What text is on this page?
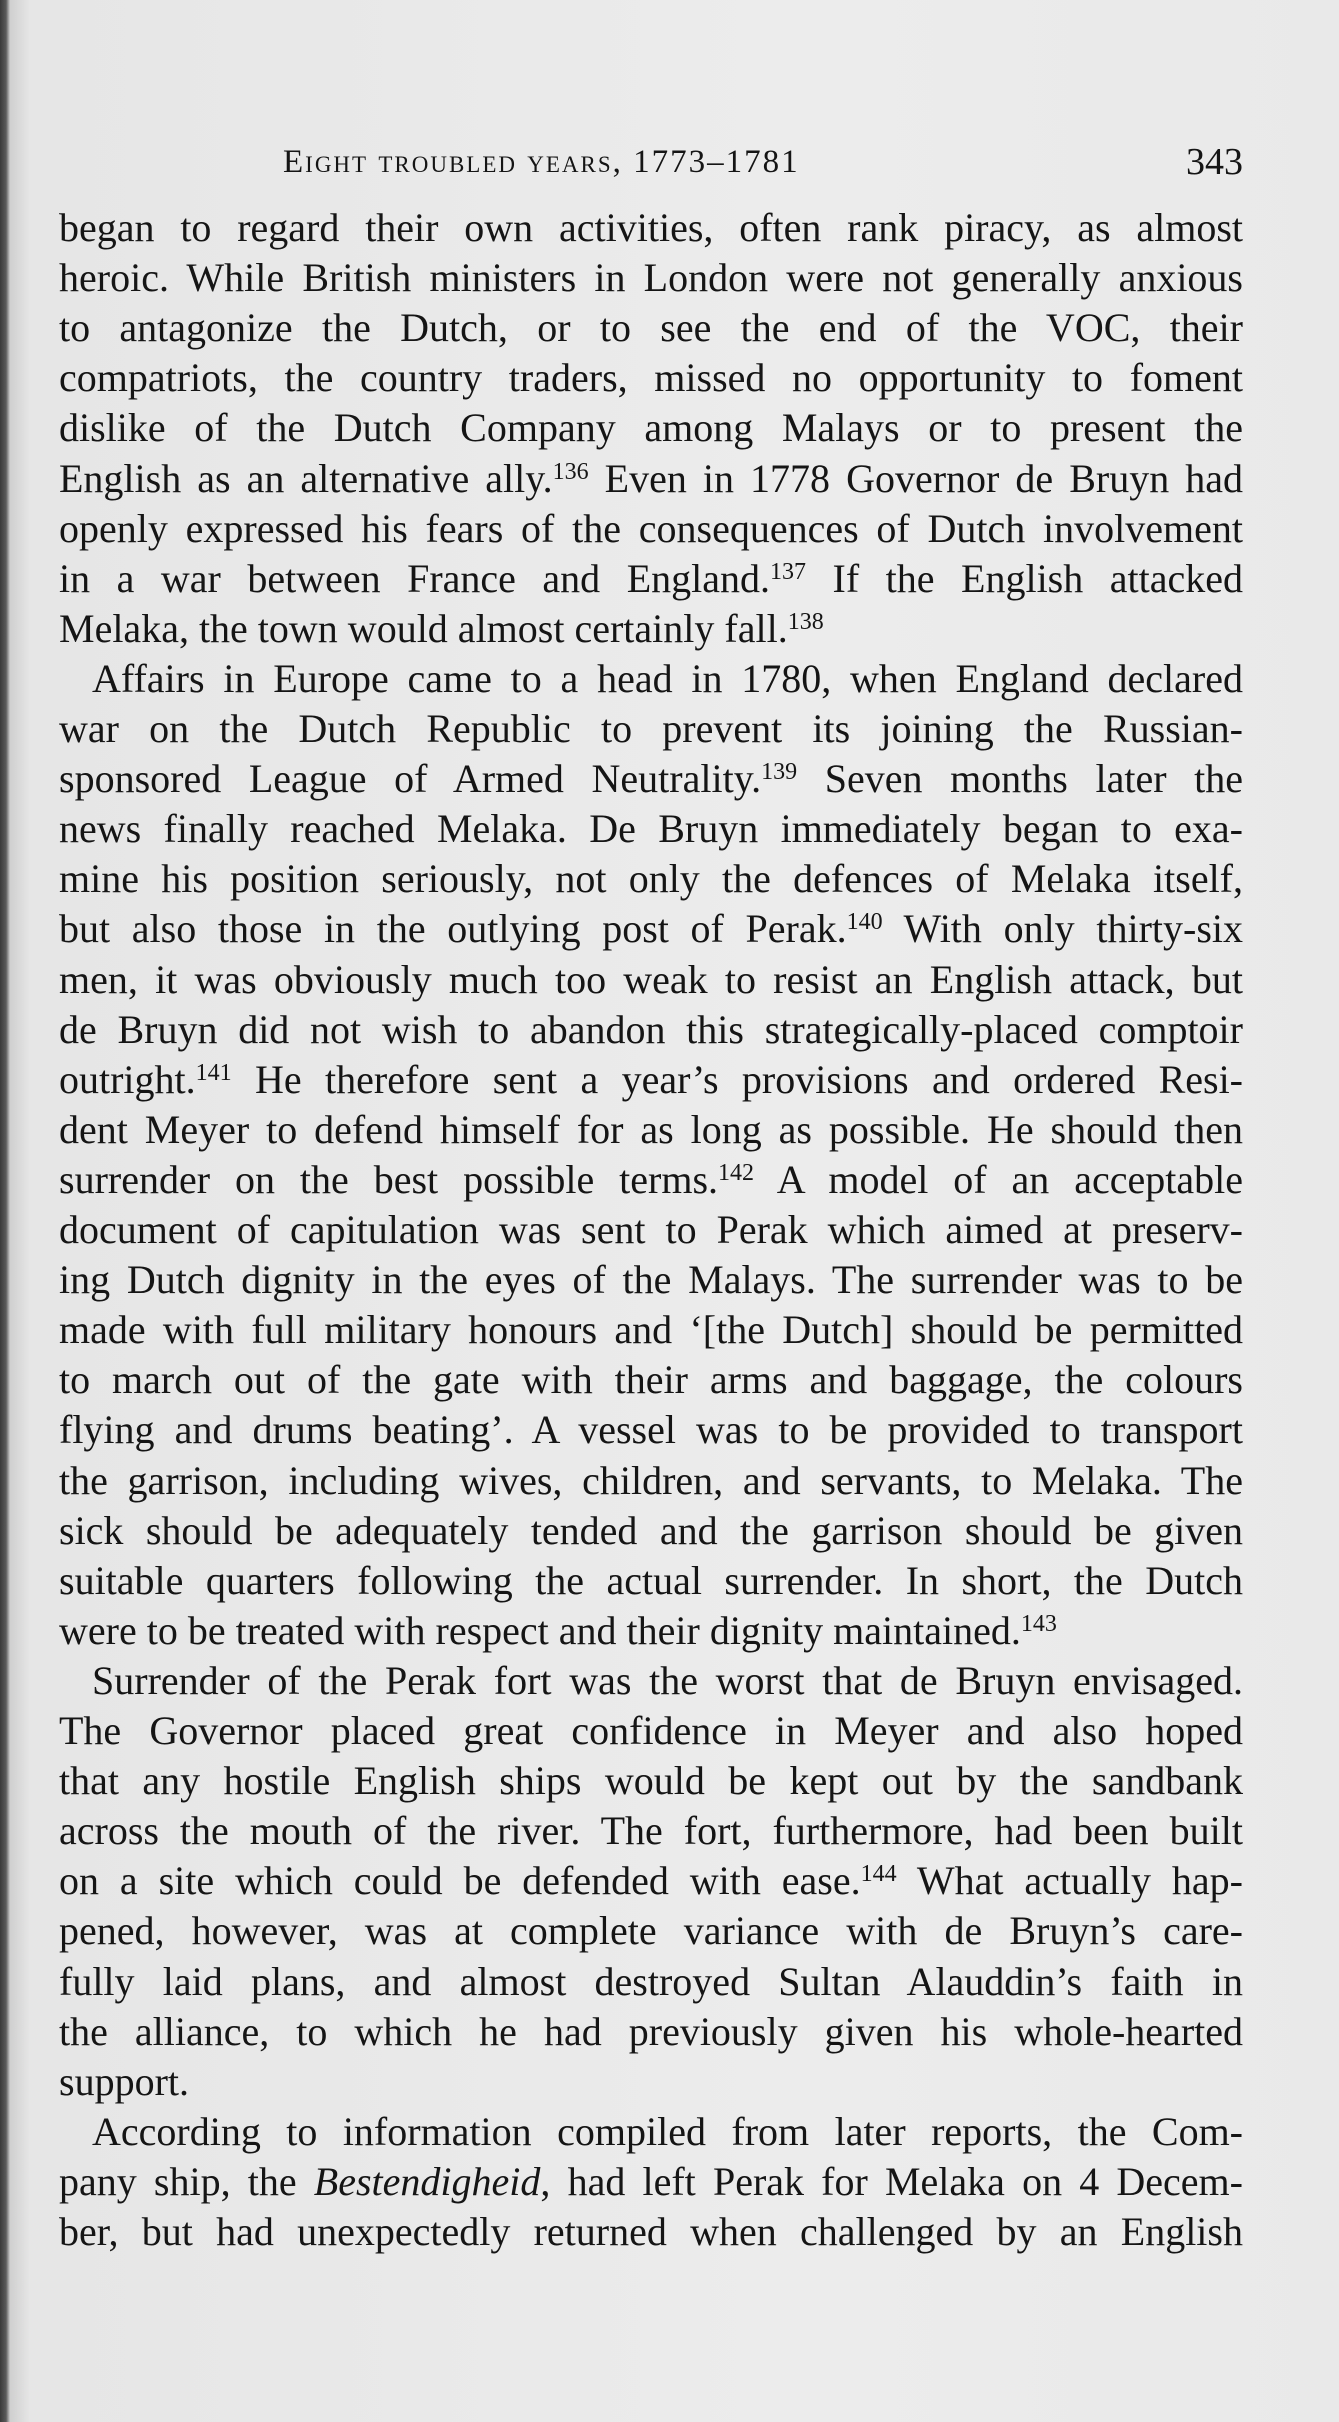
Eight troubled years, 1773–1781	343
began to regard their own activities, often rank piracy, as almost
heroic. While British ministers in London were not generally anxious
to antagonize the Dutch, or to see the end of the VOC, their
compatriots, the country traders, missed no opportunity to foment
dislike of the Dutch Company among Malays or to present the
English as an alternative ally.$^{136}$ Even in 1778 Governor de Bruyn had
openly expressed his fears of the consequences of Dutch involvement
in a war between France and England.$^{137}$ If the English attacked
Melaka, the town would almost certainly fall.$^{138}$
Affairs in Europe came to a head in 1780, when England declared
war on the Dutch Republic to prevent its joining the Russian-
sponsored League of Armed Neutrality.$^{139}$ Seven months later the
news finally reached Melaka. De Bruyn immediately began to exa-
mine his position seriously, not only the defences of Melaka itself,
but also those in the outlying post of Perak.$^{140}$ With only thirty-six
men, it was obviously much too weak to resist an English attack, but
de Bruyn did not wish to abandon this strategically-placed comptoir
outright.$^{141}$ He therefore sent a year’s provisions and ordered Resi-
dent Meyer to defend himself for as long as possible. He should then
surrender on the best possible terms.$^{142}$ A model of an acceptable
document of capitulation was sent to Perak which aimed at preserv-
ing Dutch dignity in the eyes of the Malays. The surrender was to be
made with full military honours and ‘[the Dutch] should be permitted
to march out of the gate with their arms and baggage, the colours
flying and drums beating’. A vessel was to be provided to transport
the garrison, including wives, children, and servants, to Melaka. The
sick should be adequately tended and the garrison should be given
suitable quarters following the actual surrender. In short, the Dutch
were to be treated with respect and their dignity maintained.$^{143}$
Surrender of the Perak fort was the worst that de Bruyn envisaged.
The Governor placed great confidence in Meyer and also hoped
that any hostile English ships would be kept out by the sandbank
across the mouth of the river. The fort, furthermore, had been built
on a site which could be defended with ease.$^{144}$ What actually hap-
pened, however, was at complete variance with de Bruyn’s care-
fully laid plans, and almost destroyed Sultan Alauddin’s faith in
the alliance, to which he had previously given his whole-hearted
support.
According to information compiled from later reports, the Com-
pany ship, the Bestendigheid, had left Perak for Melaka on 4 Decem-
ber, but had unexpectedly returned when challenged by an English
